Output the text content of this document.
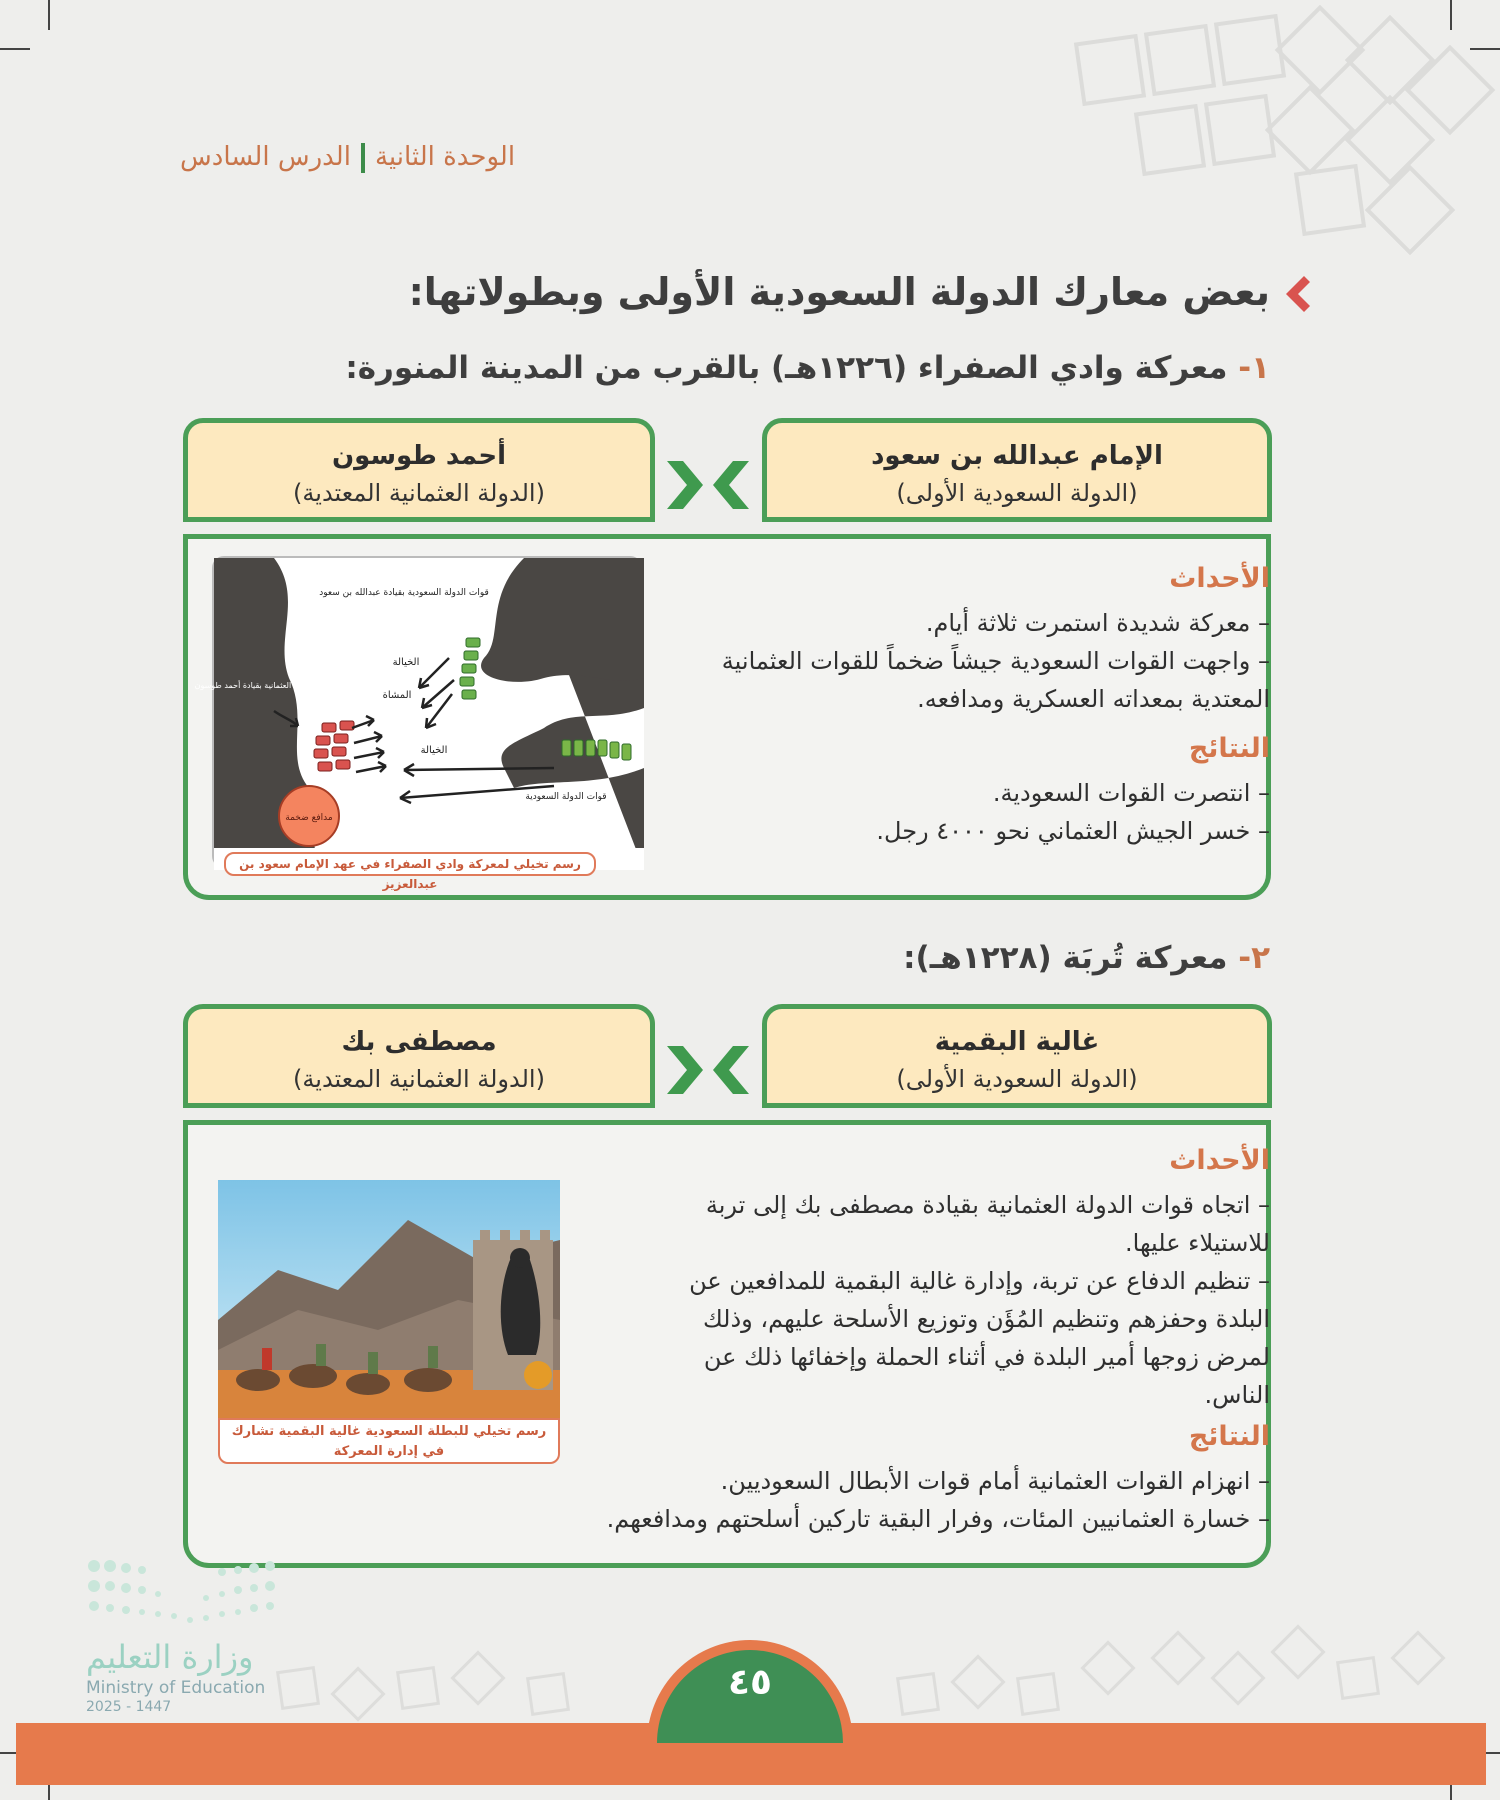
الوحدة الثانيةالدرس السادس
بعض معارك الدولة السعودية الأولى وبطولاتها:
١- معركة وادي الصفراء (١٢٢٦هـ) بالقرب من المدينة المنورة:
الإمام عبدالله بن سعود
(الدولة السعودية الأولى)
أحمد طوسون
(الدولة العثمانية المعتدية)
الأحداث

– معركة شديدة استمرت ثلاثة أيام.

– واجهت القوات السعودية جيشاً ضخماً للقوات العثمانية المعتدية بمعداته العسكرية ومدافعه.

النتائج

– انتصرت القوات السعودية.

– خسر الجيش العثماني نحو ٤٠٠٠ رجل.

قوات الدولة السعودية بقيادة عبدالله بن سعود
الخيالة
المشاة
الخيالة
قوات الدولة العثمانية بقيادة أحمد طوسون
قوات الدولة السعودية
مدافع ضخمة
رسم تخيلي لمعركة وادي الصفراء في عهد الإمام سعود بن عبدالعزيز
٢- معركة تُربَة (١٢٢٨هـ):
غالية البقمية
(الدولة السعودية الأولى)
مصطفى بك
(الدولة العثمانية المعتدية)
الأحداث

– اتجاه قوات الدولة العثمانية بقيادة مصطفى بك إلى تربة للاستيلاء عليها.

– تنظيم الدفاع عن تربة، وإدارة غالية البقمية للمدافعين عن البلدة وحفزهم وتنظيم المُؤَن وتوزيع الأسلحة عليهم، وذلك لمرض زوجها أمير البلدة في أثناء الحملة وإخفائها ذلك عن الناس.

النتائج

– انهزام القوات العثمانية أمام قوات الأبطال السعوديين.

– خسارة العثمانيين المئات، وفرار البقية تاركين أسلحتهم ومدافعهم.

رسم تخيلي للبطلة السعودية غالية البقمية تشارك في إدارة المعركة
وزارة التعليم
Ministry of Education
2025 - 1447
٤٥
